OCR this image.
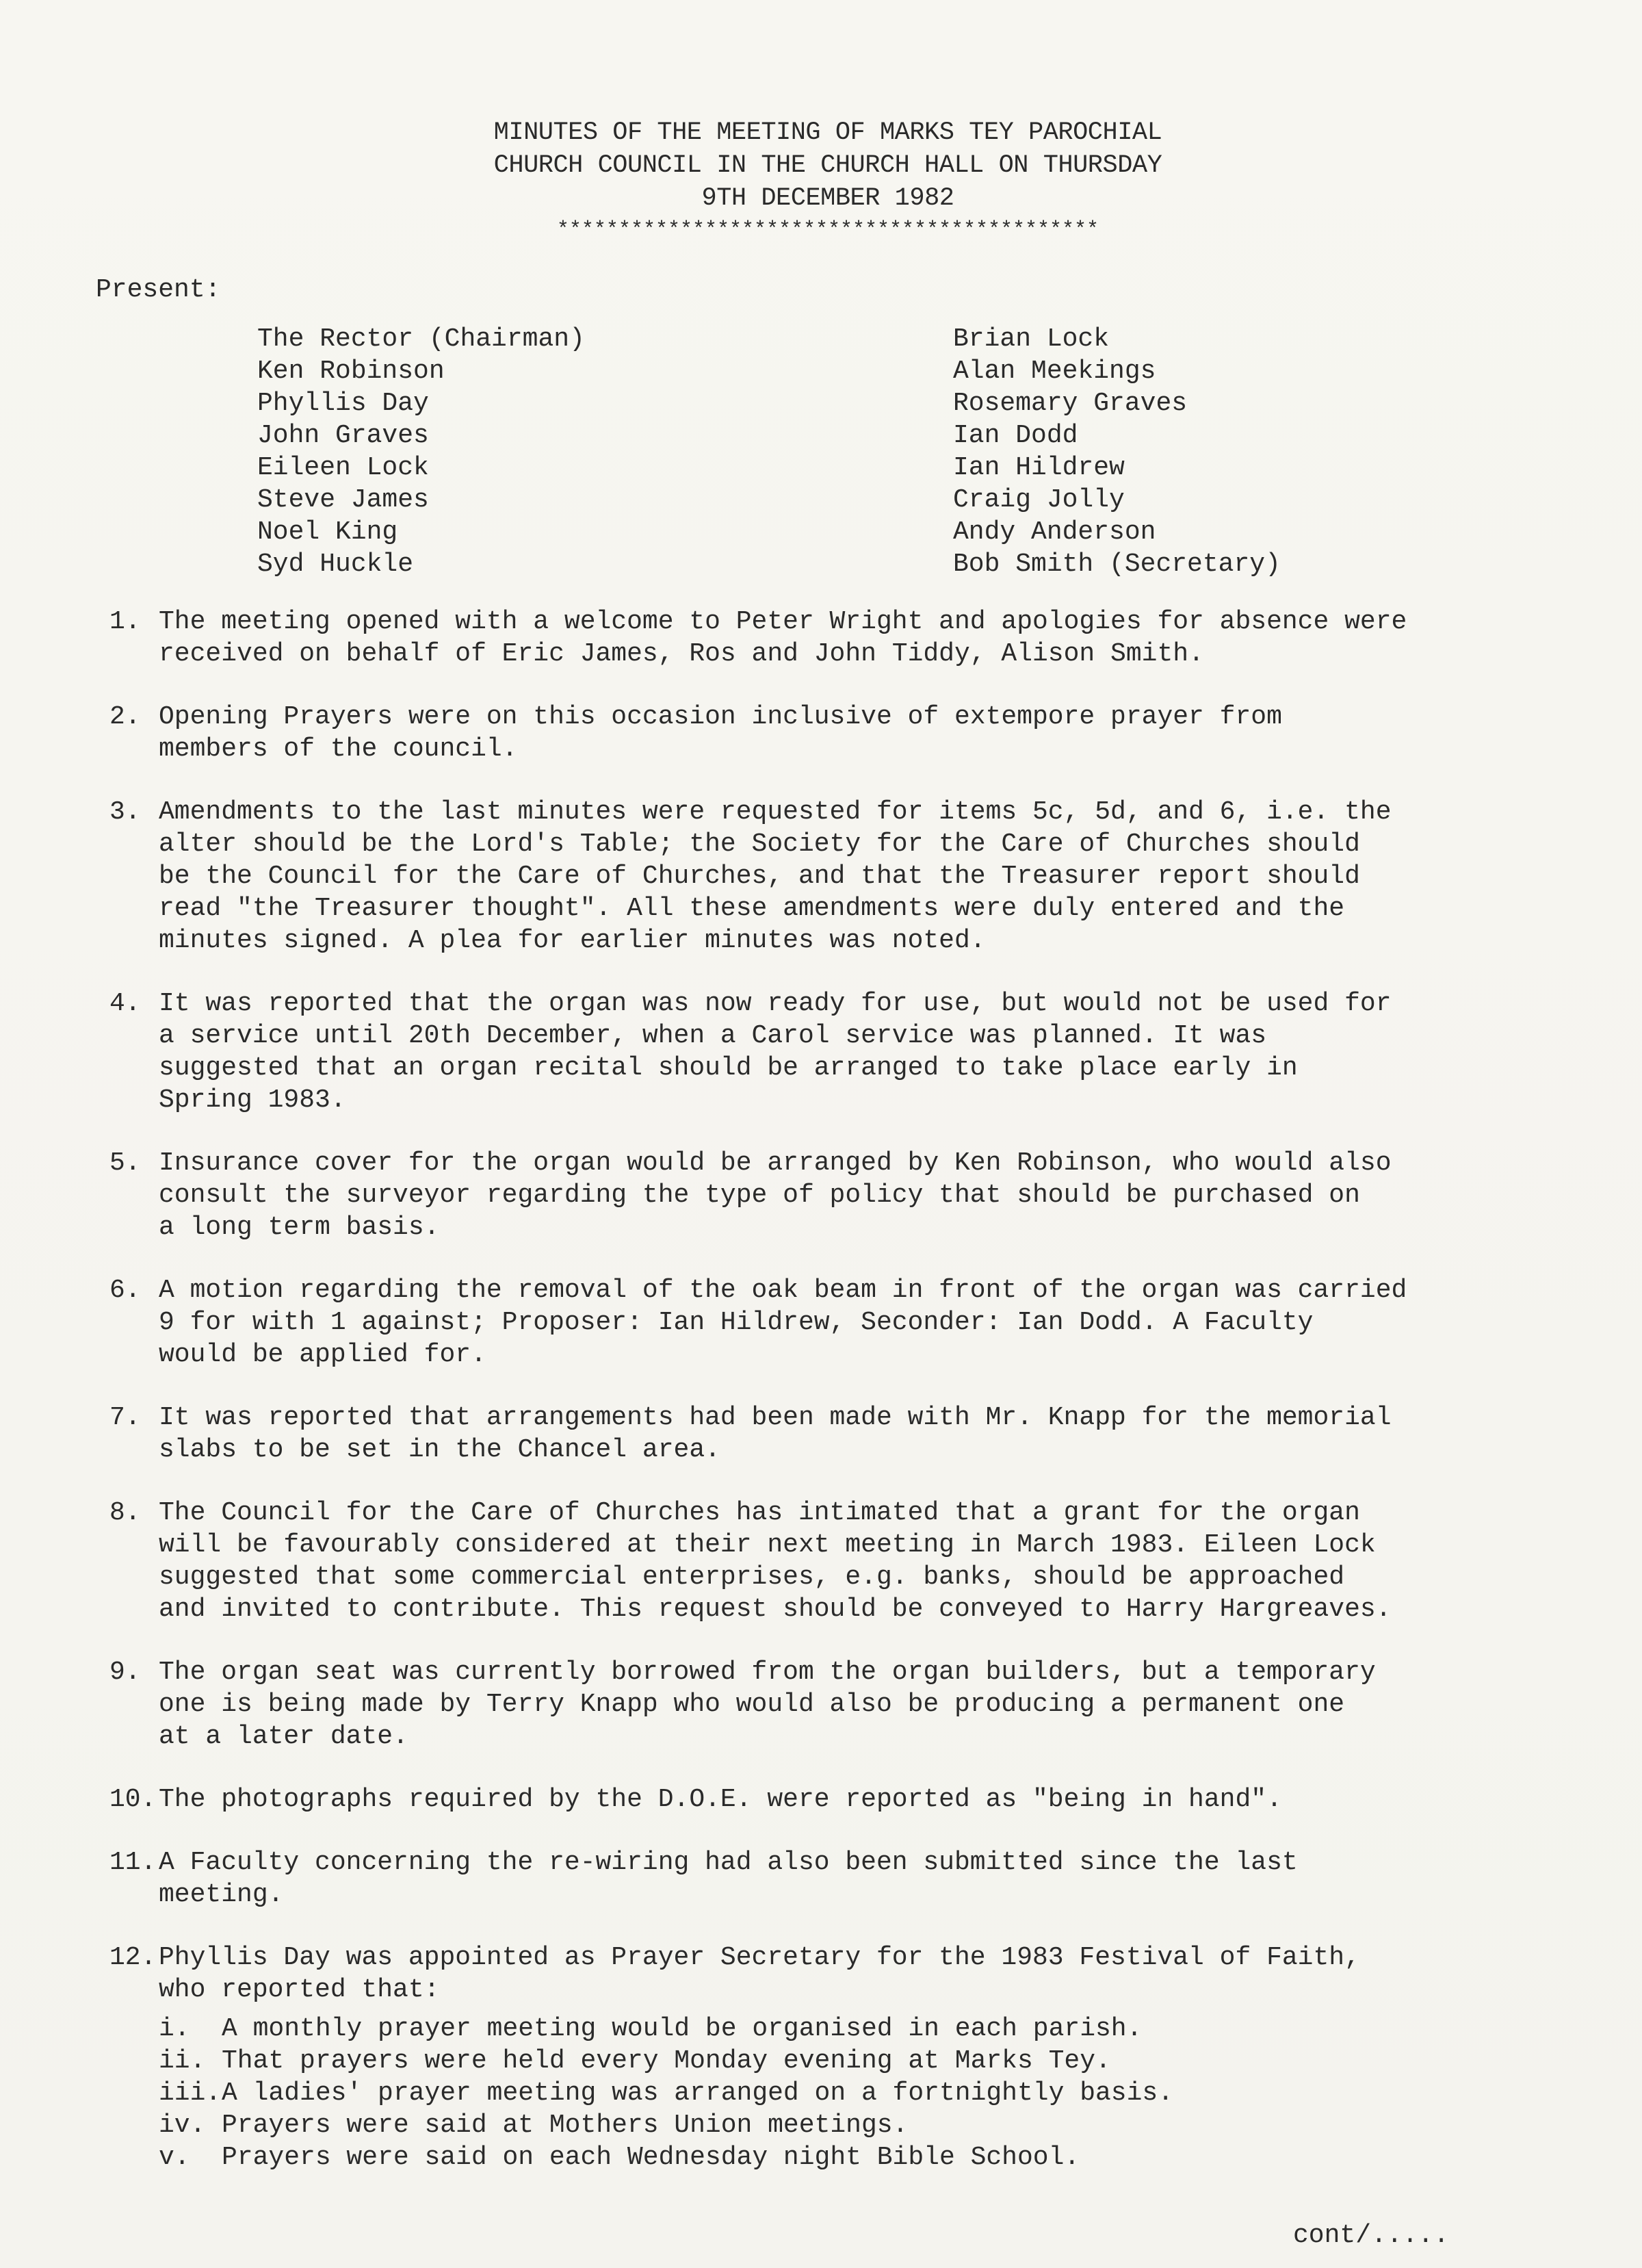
MINUTES OF THE MEETING OF MARKS TEY PAROCHIAL
CHURCH COUNCIL IN THE CHURCH HALL ON THURSDAY
9TH DECEMBER 1982
********************************************
Present:
The Rector (Chairman)
Ken Robinson
Phyllis Day
John Graves
Eileen Lock
Steve James
Noel King
Syd Huckle
Brian Lock
Alan Meekings
Rosemary Graves
Ian Dodd
Ian Hildrew
Craig Jolly
Andy Anderson
Bob Smith (Secretary)
1. The meeting opened with a welcome to Peter Wright and apologies for absence were
received on behalf of Eric James, Ros and John Tiddy, Alison Smith.
2. Opening Prayers were on this occasion inclusive of extempore prayer from
members of the council.
3. Amendments to the last minutes were requested for items 5c, 5d, and 6, i.e. the
alter should be the Lord's Table; the Society for the Care of Churches should
be the Council for the Care of Churches, and that the Treasurer report should
read "the Treasurer thought". All these amendments were duly entered and the
minutes signed. A plea for earlier minutes was noted.
4. It was reported that the organ was now ready for use, but would not be used for
a service until 20th December, when a Carol service was planned. It was
suggested that an organ recital should be arranged to take place early in
Spring 1983.
5. Insurance cover for the organ would be arranged by Ken Robinson, who would also
consult the surveyor regarding the type of policy that should be purchased on
a long term basis.
6. A motion regarding the removal of the oak beam in front of the organ was carried
9 for with 1 against; Proposer: Ian Hildrew, Seconder: Ian Dodd. A Faculty
would be applied for.
7. It was reported that arrangements had been made with Mr. Knapp for the memorial
slabs to be set in the Chancel area.
8. The Council for the Care of Churches has intimated that a grant for the organ
will be favourably considered at their next meeting in March 1983. Eileen Lock
suggested that some commercial enterprises, e.g. banks, should be approached
and invited to contribute. This request should be conveyed to Harry Hargreaves.
9. The organ seat was currently borrowed from the organ builders, but a temporary
one is being made by Terry Knapp who would also be producing a permanent one
at a later date.
10. The photographs required by the D.O.E. were reported as "being in hand".
11. A Faculty concerning the re-wiring had also been submitted since the last
meeting.
12. Phyllis Day was appointed as Prayer Secretary for the 1983 Festival of Faith,
who reported that:
i.	A monthly prayer meeting would be organised in each parish.
ii. That prayers were held every Monday evening at Marks Tey.
iii. A ladies' prayer meeting was arranged on a fortnightly basis.
iv. Prayers were said at Mothers Union meetings.
v.	Prayers were said on each Wednesday night Bible School.
cont/.....
